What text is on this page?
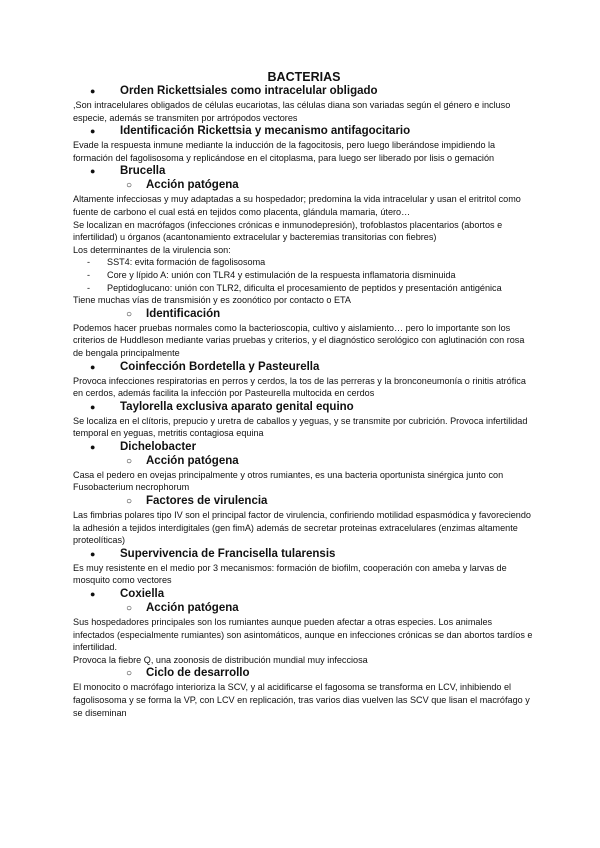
BACTERIAS
● Orden Rickettsiales como intracelular obligado

,Son intracelulares obligados de células eucariotas, las células diana son variadas según el género e incluso especie, además se transmiten por artrópodos vectores

● Identificación Rickettsia y mecanismo antifagocitario

Evade la respuesta inmune mediante la inducción de la fagocitosis, pero luego liberándose impidiendo la formación del fagolisosoma y replicándose en el citoplasma, para luego ser liberado por lisis o gemación

● Brucella
○ Acción patógena

Altamente infecciosas y muy adaptadas a su hospedador; predomina la vida intracelular y usan el eritritol como fuente de carbono el cual está en tejidos como placenta, glándula mamaria, útero…

Se localizan en macrófagos (infecciones crónicas e inmunodepresión), trofoblastos placentarios (abortos e infertilidad) u órganos (acantonamiento extracelular y bacteremias transitorias con fiebres)

Los determinantes de la virulencia son:

- SST4: evita formación de fagolisosoma
- Core y lípido A: unión con TLR4 y estimulación de la respuesta inflamatoria disminuida
- Peptidoglucano: unión con TLR2, dificulta el procesamiento de peptidos y presentación antigénica

Tiene muchas vías de transmisión y es zoonótico por contacto o ETA

○ Identificación

Podemos hacer pruebas normales como la bacterioscopia, cultivo y aislamiento… pero lo importante son los criterios de Huddleson mediante varias pruebas y criterios, y el diagnóstico serológico con aglutinación con rosa de bengala principalmente

● Coinfección Bordetella y Pasteurella

Provoca infecciones respiratorias en perros y cerdos, la tos de las perreras y la bronconeumonía o rinitis atrófica en cerdos, además facilita la infección por Pasteurella multocida en cerdos

● Taylorella exclusiva aparato genital equino

Se localiza en el clítoris, prepucio y uretra de caballos y yeguas, y se transmite por cubrición. Provoca infertilidad temporal en yeguas, metritis contagiosa equina

● Dichelobacter
○ Acción patógena

Casa el pedero en ovejas principalmente y otros rumiantes, es una bacteria oportunista sinérgica junto con Fusobacterium necrophorum

○ Factores de virulencia

Las fimbrias polares tipo IV son el principal factor de virulencia, confiriendo motilidad espasmódica y favoreciendo la adhesión a tejidos interdigitales (gen fimA) además de secretar proteinas extracelulares (enzimas altamente proteolíticas)

● Supervivencia de Francisella tularensis

Es muy resistente en el medio por 3 mecanismos: formación de biofilm, cooperación con ameba y larvas de mosquito como vectores

● Coxiella
○ Acción patógena

Sus hospedadores principales son los rumiantes aunque pueden afectar a otras especies. Los animales infectados (especialmente rumiantes) son asintomáticos, aunque en infecciones crónicas se dan abortos tardíos e infertilidad.

Provoca la fiebre Q, una zoonosis de distribución mundial muy infecciosa

○ Ciclo de desarrollo

El monocito o macrófago interioriza la SCV, y al acidificarse el fagosoma se transforma en LCV, inhibiendo el fagolisosoma y se forma la VP, con LCV en replicación, tras varios dias vuelven las SCV que lisan el macrófago y se diseminan
